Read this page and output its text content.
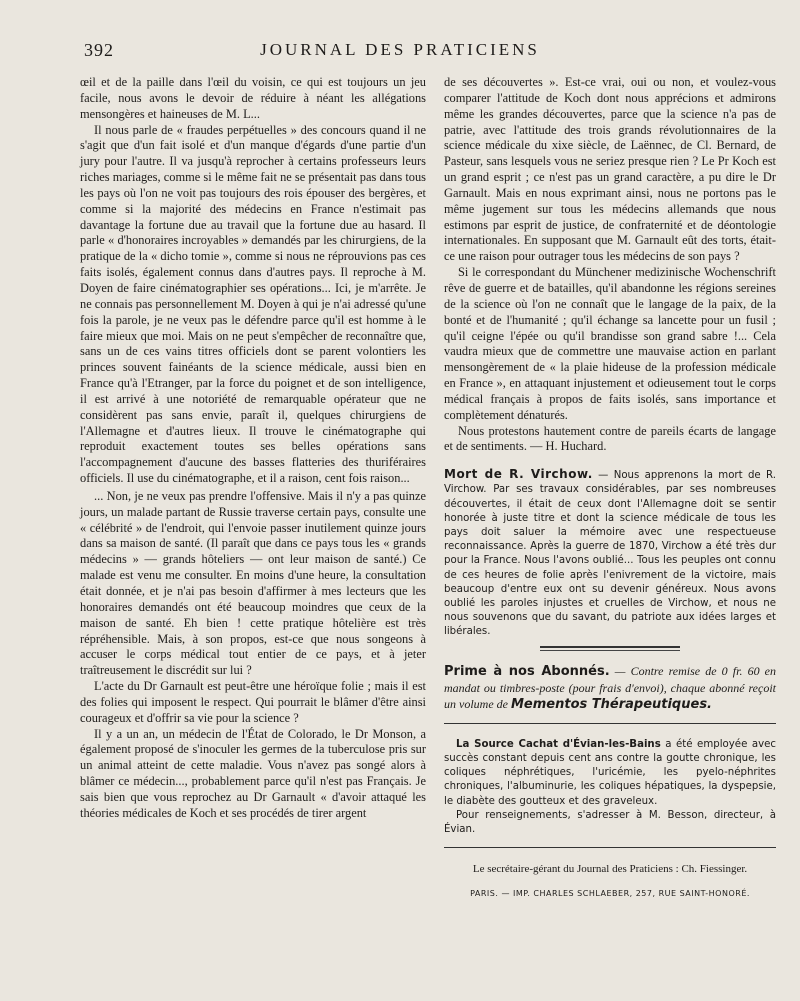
392	JOURNAL DES PRATICIENS

œil et de la paille dans l'œil du voisin, ce qui est toujours un jeu facile, nous avons le devoir de réduire à néant les allégations mensongères et haineuses de M. L...

Il nous parle de « fraudes perpétuelles » des concours quand il ne s'agit que d'un fait isolé et d'un manque d'égards d'une partie d'un jury pour l'autre. Il va jusqu'à reprocher à certains professeurs leurs riches mariages, comme si le même fait ne se présentait pas dans tous les pays où l'on ne voit pas toujours des rois épouser des bergères, et comme si la majorité des médecins en France n'estimait pas davantage la fortune due au travail que la fortune due au hasard. Il parle « d'honoraires incroyables » demandés par les chirurgiens, de la pratique de la « dicho tomie », comme si nous ne réprouvions pas ces faits isolés, également connus dans d'autres pays. Il reproche à M. Doyen de faire cinématographier ses opérations... Ici, je m'arrête. Je ne connais pas personnellement M. Doyen à qui je n'ai adressé qu'une fois la parole, je ne veux pas le défendre parce qu'il est homme à le faire mieux que moi. Mais on ne peut s'empêcher de reconnaître que, sans un de ces vains titres officiels dont se parent volontiers les princes souvent fainéants de la science médicale, aussi bien en France qu'à l'Etranger, par la force du poignet et de son intelligence, il est arrivé à une notoriété de remarquable opérateur que ne considèrent pas sans envie, paraît il, quelques chirurgiens de l'Allemagne et d'autres lieux. Il trouve le cinématographe qui reproduit exactement toutes ses belles opérations sans l'accompagnement d'aucune des basses flatteries des thuriféraires officiels. Il use du cinématographe, et il a raison, cent fois raison...

... Non, je ne veux pas prendre l'offensive. Mais il n'y a pas quinze jours, un malade partant de Russie traverse certain pays, consulte une « célébrité » de l'endroit, qui l'envoie passer inutilement quinze jours dans sa maison de santé. (Il paraît que dans ce pays tous les « grands médecins » — grands hôteliers — ont leur maison de santé.) Ce malade est venu me consulter. En moins d'une heure, la consultation était donnée, et je n'ai pas besoin d'affirmer à mes lecteurs que les honoraires demandés ont été beaucoup moindres que ceux de la maison de santé. Eh bien ! cette pratique hôtelière est très répréhensible. Mais, à son propos, est-ce que nous songeons à accuser le corps médical tout entier de ce pays, et à jeter traîtreusement le discrédit sur lui ?

L'acte du Dr Garnault est peut-être une héroïque folie ; mais il est des folies qui imposent le respect. Qui pourrait le blâmer d'être ainsi courageux et d'offrir sa vie pour la science ?

Il y a un an, un médecin de l'État de Colorado, le Dr Monson, a également proposé de s'inoculer les germes de la tuberculose pris sur un animal atteint de cette maladie. Vous n'avez pas songé alors à blâmer ce médecin..., probablement parce qu'il n'est pas Français. Je sais bien que vous reprochez au Dr Garnault « d'avoir attaqué les théories médicales de Koch et ses procédés de tirer argent

de ses découvertes ». Est-ce vrai, oui ou non, et voulez-vous comparer l'attitude de Koch dont nous apprécions et admirons même les grandes découvertes, parce que la science n'a pas de patrie, avec l'attitude des trois grands révolutionnaires de la science médicale du xixe siècle, de Laënnec, de Cl. Bernard, de Pasteur, sans lesquels vous ne seriez presque rien ? Le Pr Koch est un grand esprit ; ce n'est pas un grand caractère, a pu dire le Dr Garnault. Mais en nous exprimant ainsi, nous ne portons pas le même jugement sur tous les médecins allemands que nous estimons par esprit de justice, de confraternité et de déontologie internationales. En supposant que M. Garnault eût des torts, était-ce une raison pour outrager tous les médecins de son pays ?

Si le correspondant du Münchener medizinische Wochenschrift rêve de guerre et de batailles, qu'il abandonne les régions sereines de la science où l'on ne connaît que le langage de la paix, de la bonté et de l'humanité ; qu'il échange sa lancette pour un fusil ; qu'il ceigne l'épée ou qu'il brandisse son grand sabre !... Cela vaudra mieux que de commettre une mauvaise action en parlant mensongèrement de « la plaie hideuse de la profession médicale en France », en attaquant injustement et odieusement tout le corps médical français à propos de faits isolés, sans importance et complètement dénaturés.

Nous protestons hautement contre de pareils écarts de langage et de sentiments. — H. Huchard.

Mort de R. Virchow. — Nous apprenons la mort de R. Virchow. Par ses travaux considérables, par ses nombreuses découvertes, il était de ceux dont l'Allemagne doit se sentir honorée à juste titre et dont la science médicale de tous les pays doit saluer la mémoire avec une respectueuse reconnaissance. Après la guerre de 1870, Virchow a été très dur pour la France. Nous l'avons oublié... Tous les peuples ont connu de ces heures de folie après l'enivrement de la victoire, mais beaucoup d'entre eux ont su devenir généreux. Nous avons oublié les paroles injustes et cruelles de Virchow, et nous ne nous souvenons que du savant, du patriote aux idées larges et libérales.
Prime à nos Abonnés. — Contre remise de 0 fr. 60 en mandat ou timbres-poste (pour frais d'envoi), chaque abonné reçoit un volume de Mementos Thérapeutiques.

La Source Cachat d'Évian-les-Bains a été employée avec succès constant depuis cent ans contre la goutte chronique, les coliques néphrétiques, l'uricémie, les pyelo-néphrites chroniques, l'albuminurie, les coliques hépatiques, la dyspepsie, le diabète des goutteux et des graveleux.

Pour renseignements, s'adresser à M. Besson, directeur, à Évian.

Le secrétaire-gérant du Journal des Praticiens : Ch. Fiessinger.
PARIS. — IMP. CHARLES SCHLAEBER, 257, RUE SAINT-HONORÉ.
